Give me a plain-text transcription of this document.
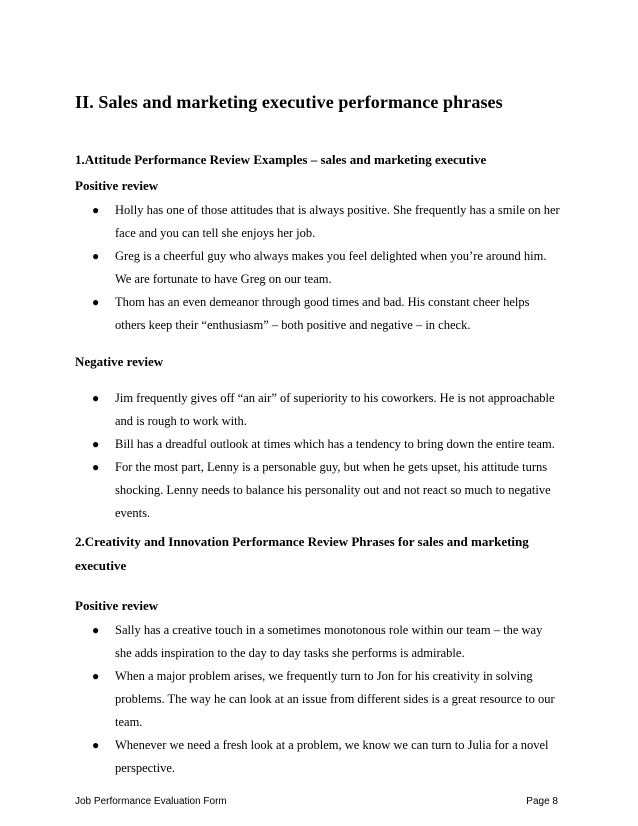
II. Sales and marketing executive performance phrases
1.Attitude Performance Review Examples – sales and marketing executive
Positive review
● Holly has one of those attitudes that is always positive. She frequently has a smile on her face and you can tell she enjoys her job.
● Greg is a cheerful guy who always makes you feel delighted when you’re around him. We are fortunate to have Greg on our team.
● Thom has an even demeanor through good times and bad. His constant cheer helps others keep their “enthusiasm” – both positive and negative – in check.
Negative review
● Jim frequently gives off “an air” of superiority to his coworkers. He is not approachable and is rough to work with.
● Bill has a dreadful outlook at times which has a tendency to bring down the entire team.
● For the most part, Lenny is a personable guy, but when he gets upset, his attitude turns shocking. Lenny needs to balance his personality out and not react so much to negative events.
2.Creativity and Innovation Performance Review Phrases for sales and marketing executive
Positive review
● Sally has a creative touch in a sometimes monotonous role within our team – the way she adds inspiration to the day to day tasks she performs is admirable.
● When a major problem arises, we frequently turn to Jon for his creativity in solving problems. The way he can look at an issue from different sides is a great resource to our team.
● Whenever we need a fresh look at a problem, we know we can turn to Julia for a novel perspective.
Job Performance Evaluation Form	Page 8
